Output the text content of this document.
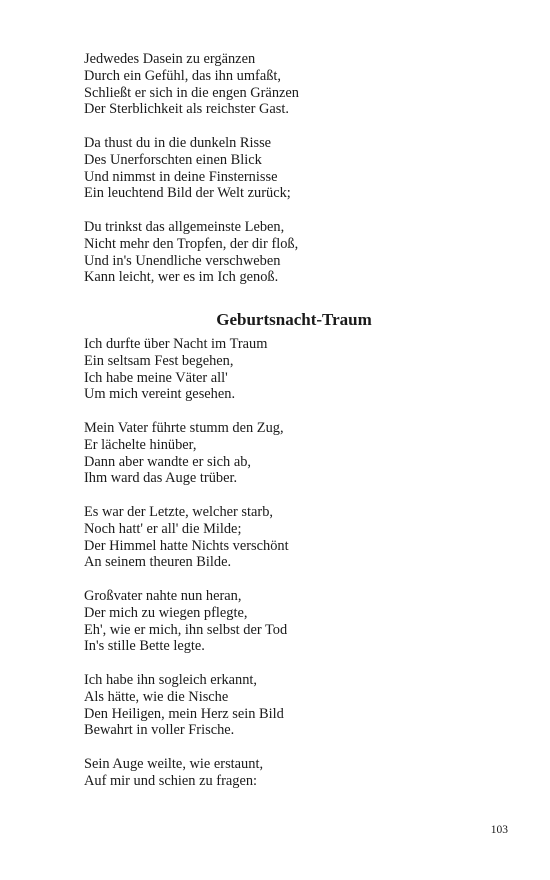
Jedwedes Dasein zu ergänzen
Durch ein Gefühl, das ihn umfaßt,
Schließt er sich in die engen Gränzen
Der Sterblichkeit als reichster Gast.
Da thust du in die dunkeln Risse
Des Unerforschten einen Blick
Und nimmst in deine Finsternisse
Ein leuchtend Bild der Welt zurück;
Du trinkst das allgemeinste Leben,
Nicht mehr den Tropfen, der dir floß,
Und in's Unendliche verschweben
Kann leicht, wer es im Ich genoß.
Geburtsnacht-Traum
Ich durfte über Nacht im Traum
Ein seltsam Fest begehen,
Ich habe meine Väter all'
Um mich vereint gesehen.
Mein Vater führte stumm den Zug,
Er lächelte hinüber,
Dann aber wandte er sich ab,
Ihm ward das Auge trüber.
Es war der Letzte, welcher starb,
Noch hatt' er all' die Milde;
Der Himmel hatte Nichts verschönt
An seinem theuren Bilde.
Großvater nahte nun heran,
Der mich zu wiegen pflegte,
Eh', wie er mich, ihn selbst der Tod
In's stille Bette legte.
Ich habe ihn sogleich erkannt,
Als hätte, wie die Nische
Den Heiligen, mein Herz sein Bild
Bewahrt in voller Frische.
Sein Auge weilte, wie erstaunt,
Auf mir und schien zu fragen:
103
